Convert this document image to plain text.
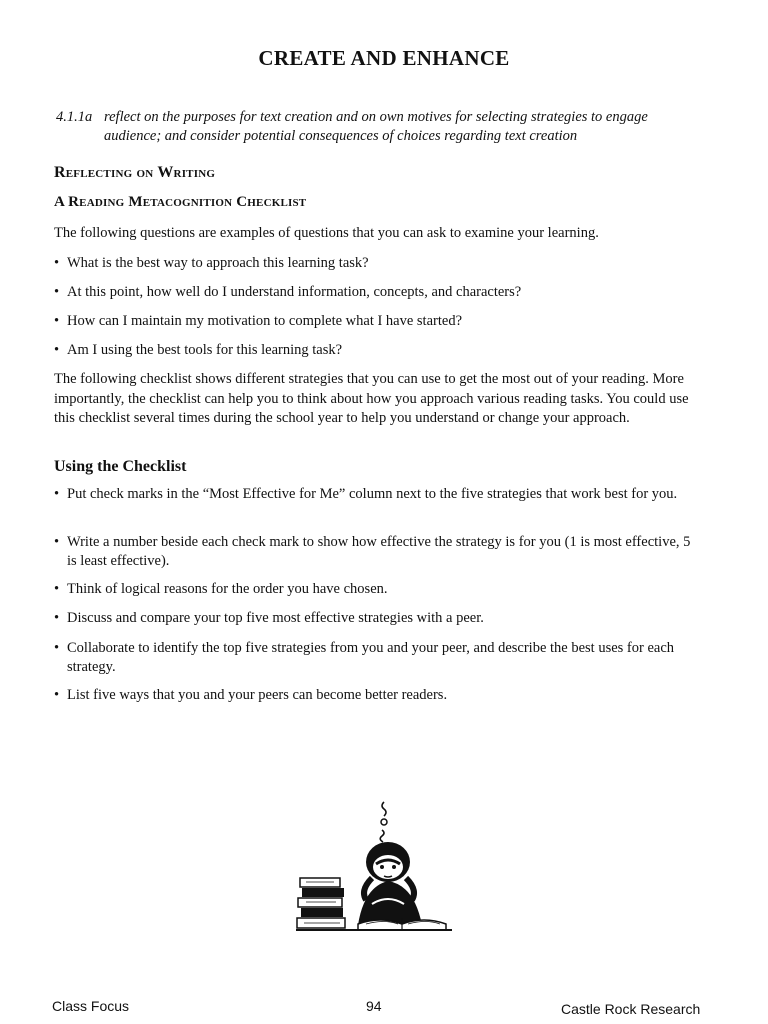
CREATE AND ENHANCE
4.1.1a reflect on the purposes for text creation and on own motives for selecting strategies to engage
audience; and consider potential consequences of choices regarding text creation
Reflecting on Writing
A Reading Metacognition Checklist
The following questions are examples of questions that you can ask to examine your learning.
• What is the best way to approach this learning task?
• At this point, how well do I understand information, concepts, and characters?
• How can I maintain my motivation to complete what I have started?
• Am I using the best tools for this learning task?
The following checklist shows different strategies that you can use to get the most out of your reading. More importantly, the checklist can help you to think about how you approach various reading tasks. You could use this checklist several times during the school year to help you understand or change your approach.
Using the Checklist
• Put check marks in the “Most Effective for Me” column next to the five strategies that work best for you.
• Write a number beside each check mark to show how effective the strategy is for you (1 is most effective, 5 is least effective).
• Think of logical reasons for the order you have chosen.
• Discuss and compare your top five most effective strategies with a peer.
• Collaborate to identify the top five strategies from you and your peer, and describe the best uses for each strategy.
• List five ways that you and your peers can become better readers.
Class Focus	94	Castle Rock Research
